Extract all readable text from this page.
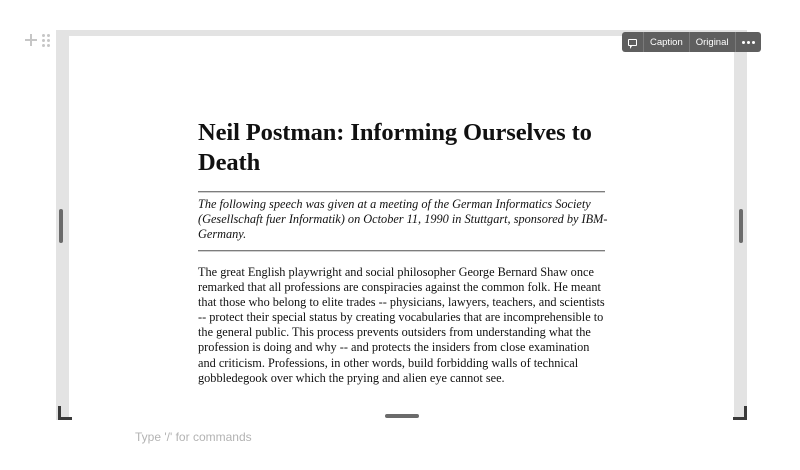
Neil Postman: Informing Ourselves to Death

The following speech was given at a meeting of the German Informatics Society (Gesellschaft fuer Informatik) on October 11, 1990 in Stuttgart, sponsored by IBM-Germany.

The great English playwright and social philosopher George Bernard Shaw once remarked that all professions are conspiracies against the common folk. He meant that those who belong to elite trades -- physicians, lawyers, teachers, and scientists -- protect their special status by creating vocabularies that are incomprehensible to the general public. This process prevents outsiders from understanding what the profession is doing and why -- and protects the insiders from close examination and criticism. Professions, in other words, build forbidding walls of technical gobbledegook over which the prying and alien eye cannot see.

Caption	Original
Type '/' for commands
